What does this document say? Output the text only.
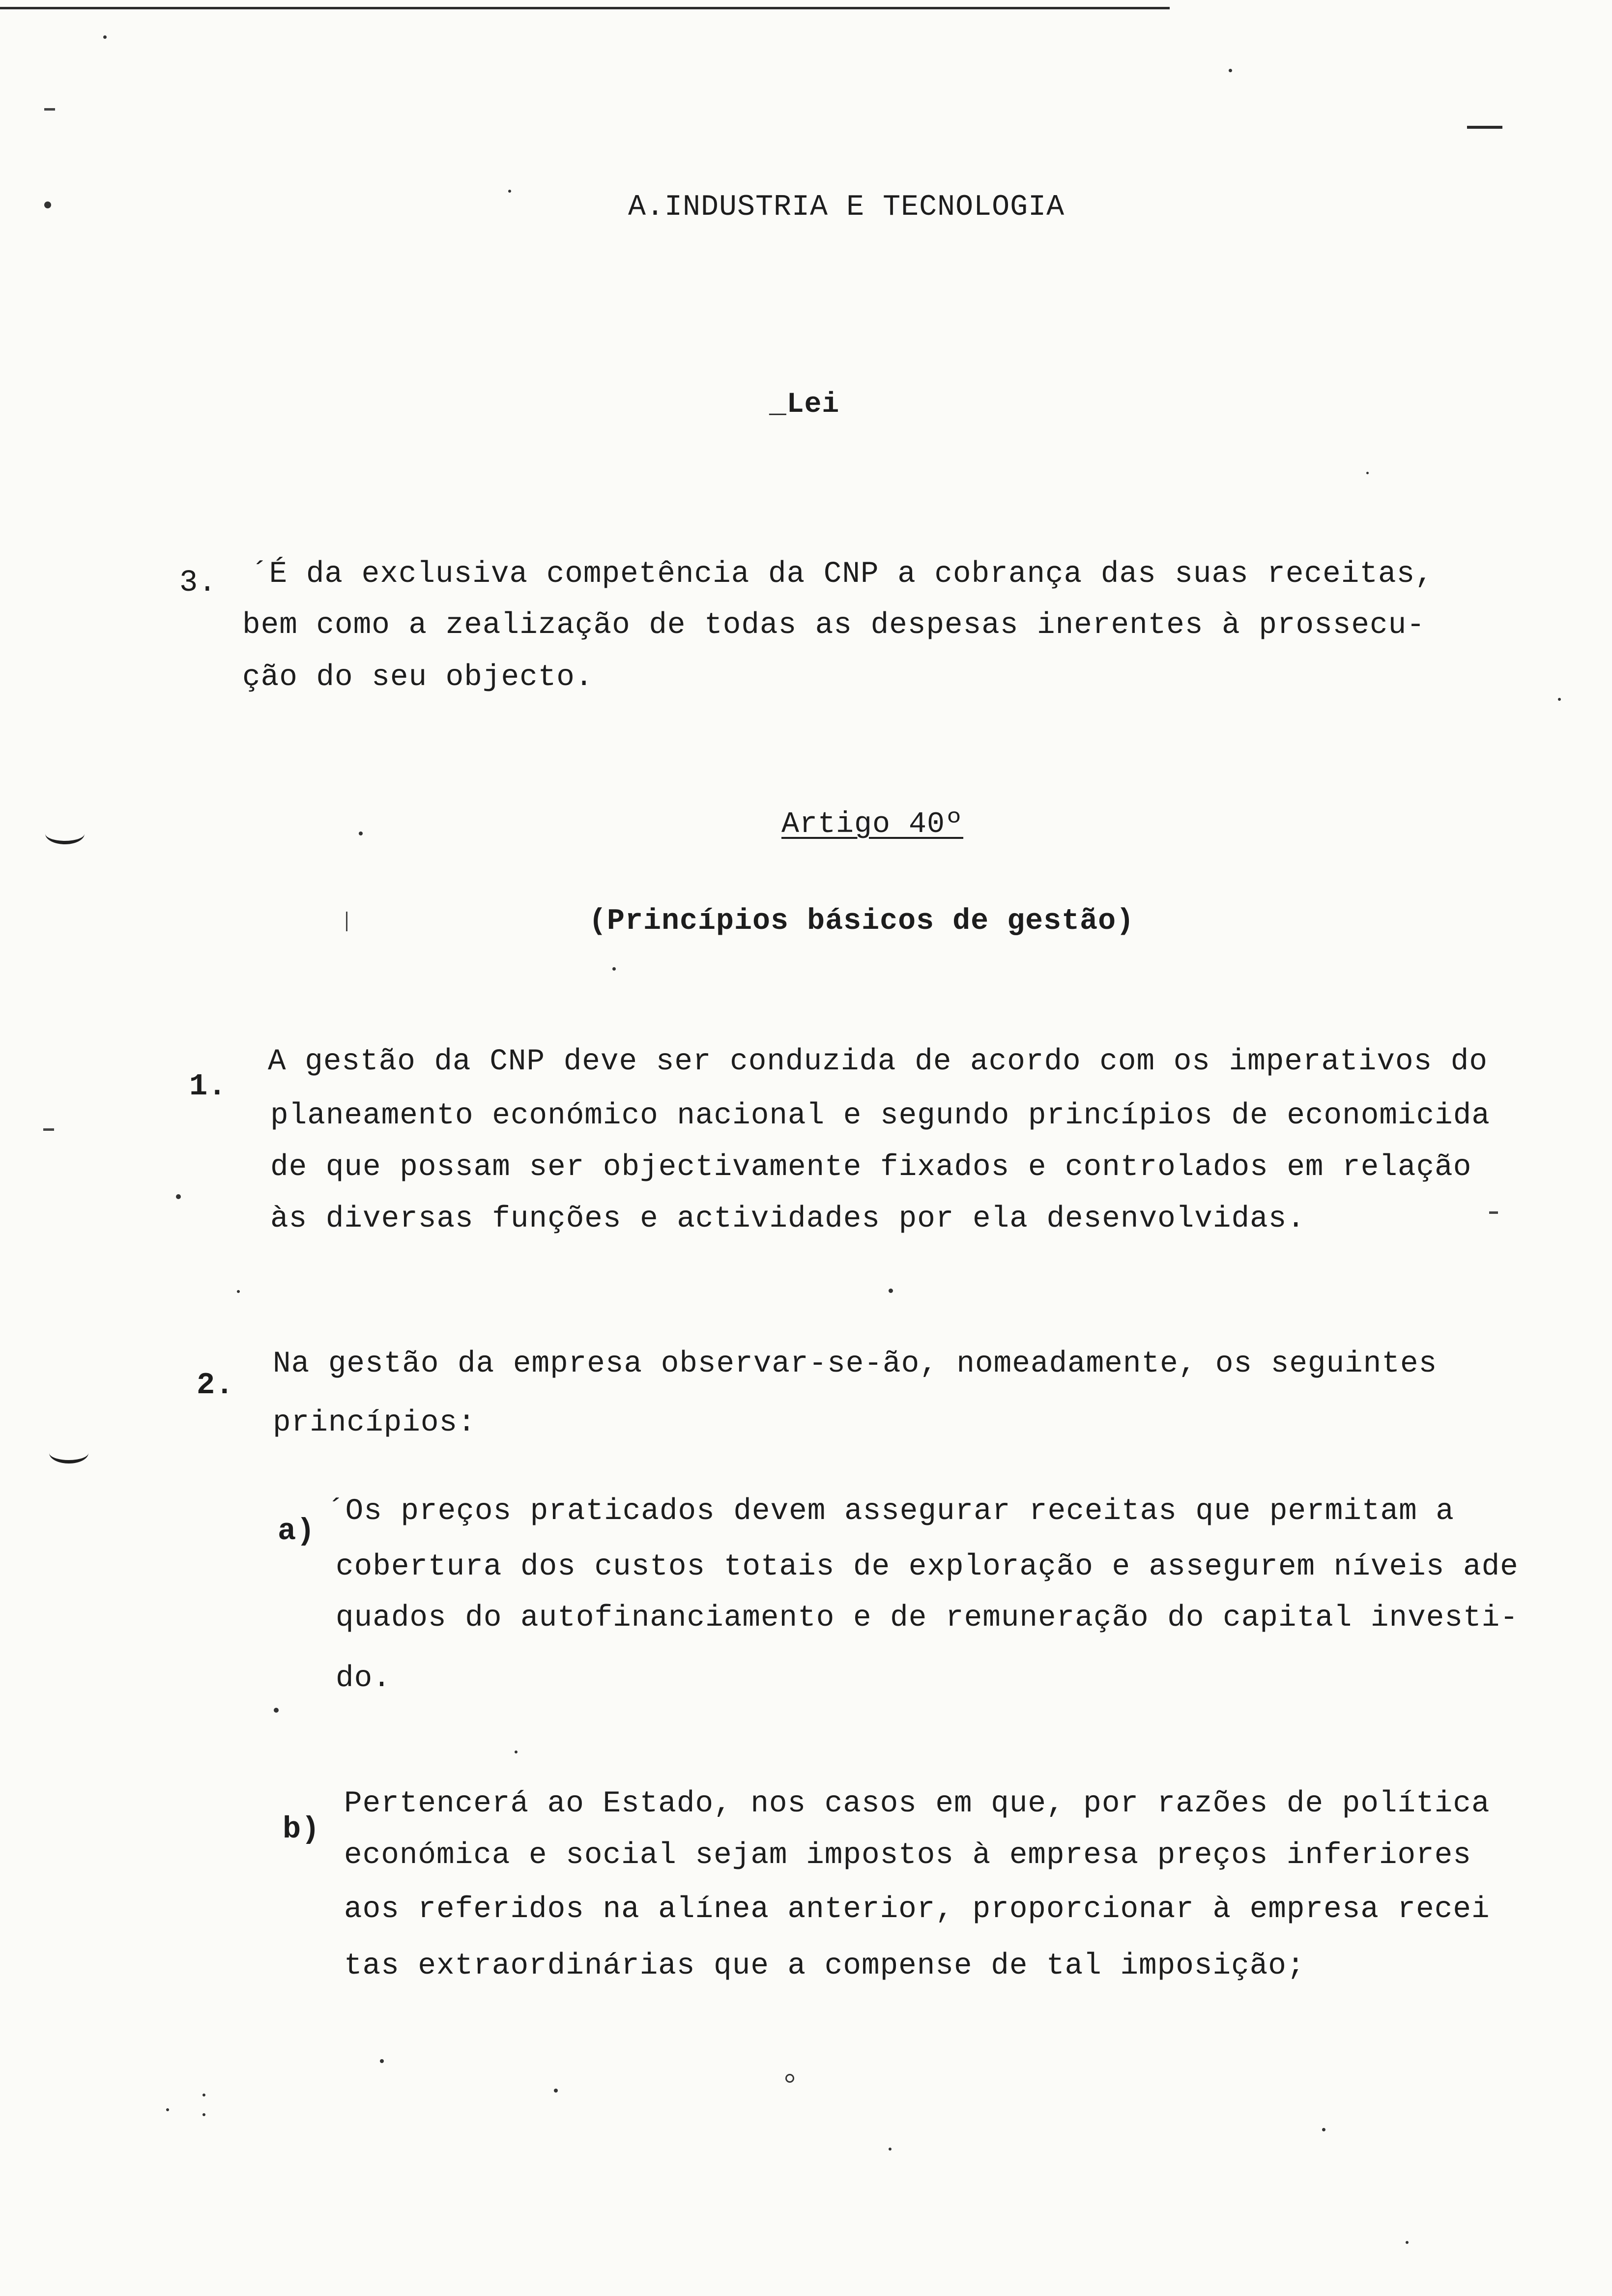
A.INDUSTRIA E TECNOLOGIA
_Lei
3. ´É da exclusiva competência da CNP a cobrança das suas receitas,
bem como a zealização de todas as despesas inerentes à prossecu-
ção do seu objecto.
Artigo 40º
(Princípios básicos de gestão)
1.
A gestão da CNP deve ser conduzida de acordo com os imperativos do
planeamento económico nacional e segundo princípios de economicida
de que possam ser objectivamente fixados e controlados em relação
às diversas funções e actividades por ela desenvolvidas.
2.
Na gestão da empresa observar-se-ão, nomeadamente, os seguintes
princípios:
a)
´Os preços praticados devem assegurar receitas que permitam a
cobertura dos custos totais de exploração e assegurem níveis ade
quados do autofinanciamento e de remuneração do capital investi-
do.
b)
Pertencerá ao Estado, nos casos em que, por razões de política
económica e social sejam impostos à empresa preços inferiores
aos referidos na alínea anterior, proporcionar à empresa recei
tas extraordinárias que a compense de tal imposição;
